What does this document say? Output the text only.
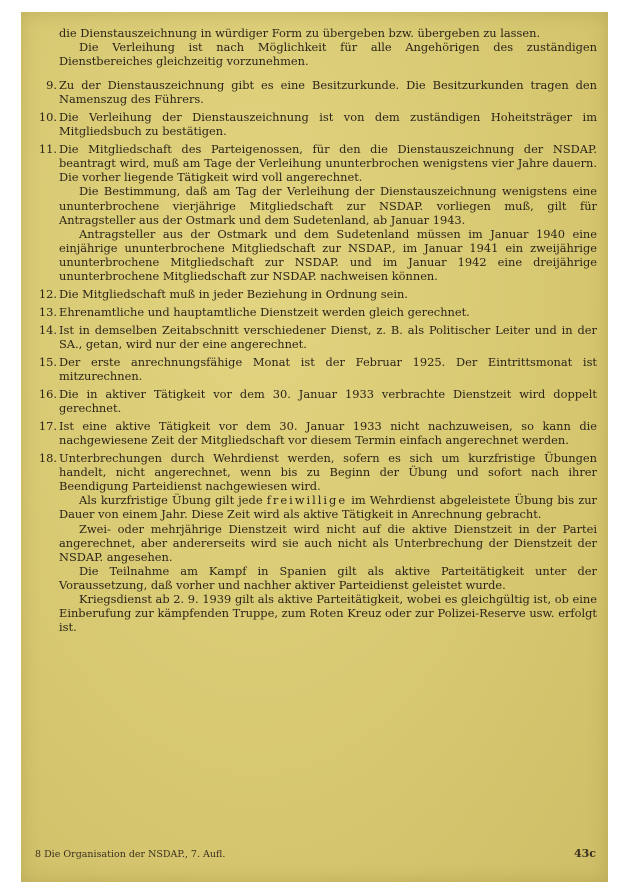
die Dienstauszeichnung in würdiger Form zu übergeben bzw. übergeben zu lassen.

Die Verleihung ist nach Möglichkeit für alle Angehörigen des zuständigen Dienstbereiches gleichzeitig vorzunehmen.

9. Zu der Dienstauszeichnung gibt es eine Besitzurkunde. Die Besitzurkunden tragen den Namenszug des Führers.

10. Die Verleihung der Dienstauszeichnung ist von dem zuständigen Hoheitsträger im Mitgliedsbuch zu bestätigen.

11. Die Mitgliedschaft des Parteigenossen, für den die Dienstauszeichnung der NSDAP. beantragt wird, muß am Tage der Verleihung ununterbrochen wenigstens vier Jahre dauern. Die vorher liegende Tätigkeit wird voll angerechnet.

Die Bestimmung, daß am Tag der Verleihung der Dienstauszeichnung wenigstens eine ununterbrochene vierjährige Mitgliedschaft zur NSDAP. vorliegen muß, gilt für Antragsteller aus der Ostmark und dem Sudetenland, ab Januar 1943.

Antragsteller aus der Ostmark und dem Sudetenland müssen im Januar 1940 eine einjährige ununterbrochene Mitgliedschaft zur NSDAP., im Januar 1941 ein zweijährige ununterbrochene Mitgliedschaft zur NSDAP. und im Januar 1942 eine dreijährige ununterbrochene Mitgliedschaft zur NSDAP. nachweisen können.

12. Die Mitgliedschaft muß in jeder Beziehung in Ordnung sein.

13. Ehrenamtliche und hauptamtliche Dienstzeit werden gleich gerechnet.

14. Ist in demselben Zeitabschnitt verschiedener Dienst, z. B. als Politischer Leiter und in der SA., getan, wird nur der eine angerechnet.

15. Der erste anrechnungsfähige Monat ist der Februar 1925. Der Eintrittsmonat ist mitzurechnen.

16. Die in aktiver Tätigkeit vor dem 30. Januar 1933 verbrachte Dienstzeit wird doppelt gerechnet.

17. Ist eine aktive Tätigkeit vor dem 30. Januar 1933 nicht nachzuweisen, so kann die nachgewiesene Zeit der Mitgliedschaft vor diesem Termin einfach angerechnet werden.

18. Unterbrechungen durch Wehrdienst werden, sofern es sich um kurzfristige Übungen handelt, nicht angerechnet, wenn bis zu Beginn der Übung und sofort nach ihrer Beendigung Parteidienst nachgewiesen wird.

Als kurzfristige Übung gilt jede freiwillige im Wehrdienst abgeleistete Übung bis zur Dauer von einem Jahr. Diese Zeit wird als aktive Tätigkeit in Anrechnung gebracht.

Zwei- oder mehrjährige Dienstzeit wird nicht auf die aktive Dienstzeit in der Partei angerechnet, aber andererseits wird sie auch nicht als Unterbrechung der Dienstzeit der NSDAP. angesehen.

Die Teilnahme am Kampf in Spanien gilt als aktive Parteitätigkeit unter der Voraussetzung, daß vorher und nachher aktiver Parteidienst geleistet wurde.

Kriegsdienst ab 2. 9. 1939 gilt als aktive Parteitätigkeit, wobei es gleichgültig ist, ob eine Einberufung zur kämpfenden Truppe, zum Roten Kreuz oder zur Polizei-Reserve usw. erfolgt ist.

8 Die Organisation der NSDAP., 7. Aufl.	43c
